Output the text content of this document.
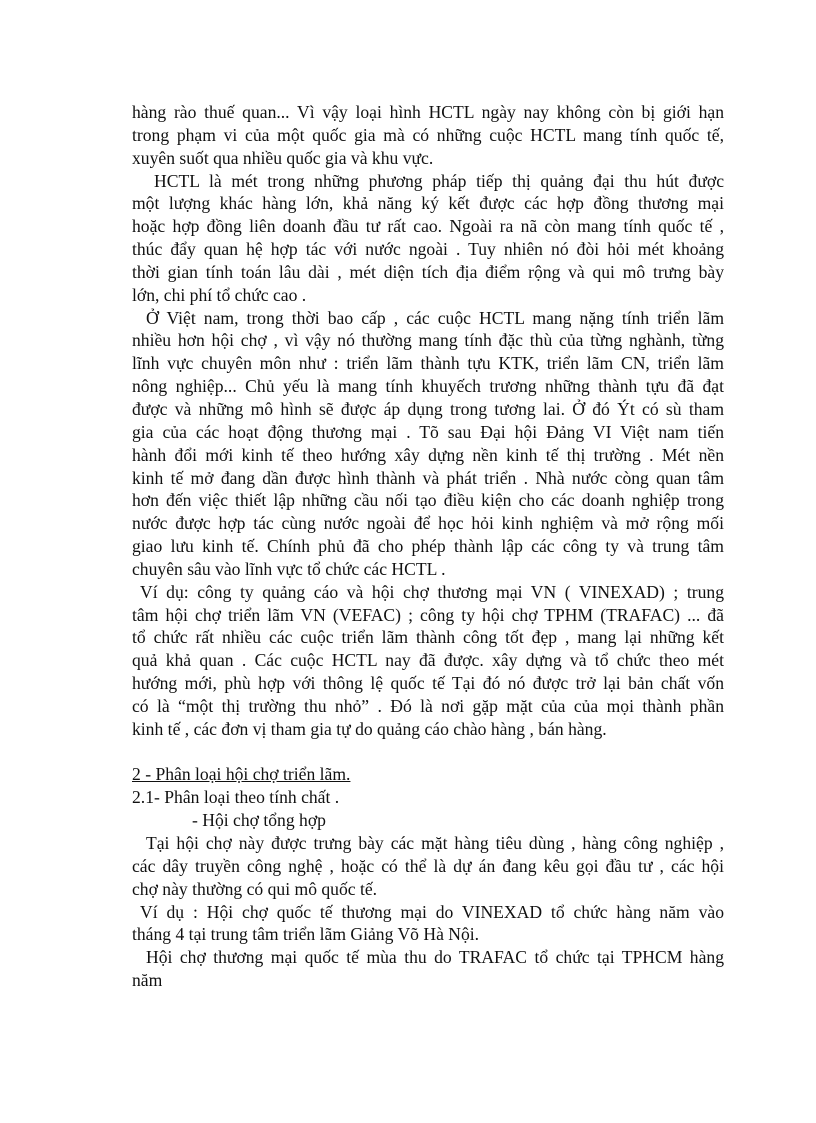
hàng rào thuế quan... Vì vậy loại hình HCTL ngày nay không còn bị giới hạn
trong phạm vi của một quốc gia mà có những cuộc HCTL mang tính quốc tế,
xuyên suốt qua nhiều quốc gia và khu vực.
HCTL là mét trong những phương pháp tiếp thị quảng đại thu hút được
một lượng khác hàng lớn, khả năng ký kết được các hợp đồng thương mại
hoặc hợp đồng liên doanh đầu tư rất cao. Ngoài ra nã còn mang tính quốc tế ,
thúc đẩy quan hệ hợp tác với nước ngoài . Tuy nhiên nó đòi hỏi mét khoảng
thời gian tính toán lâu dài , mét diện tích địa điểm rộng và qui mô trưng bày
lớn, chi phí tổ chức cao .
Ở Việt nam, trong thời bao cấp , các cuộc HCTL mang nặng tính triển lãm
nhiều hơn hội chợ , vì vậy nó thường mang tính đặc thù của từng nghành, từng
lĩnh vực chuyên môn như : triển lãm thành tựu KTK, triển lãm CN, triển lãm
nông nghiệp... Chủ yếu là mang tính khuyếch trương những thành tựu đã đạt
được và những mô hình sẽ được áp dụng trong tương lai. Ở đó Ýt có sù tham
gia của các hoạt động thương mại . Tõ sau Đại hội Đảng VI Việt nam tiến
hành đổi mới kinh tế theo hướng xây dựng nền kinh tế thị trường . Mét nền
kinh tế mở đang dần được hình thành và phát triển . Nhà nước còng quan tâm
hơn đến việc thiết lập những cầu nối tạo điều kiện cho các doanh nghiệp trong
nước được hợp tác cùng nước ngoài để học hỏi kinh nghiệm và mở rộng mối
giao lưu kinh tế. Chính phủ đã cho phép thành lập các công ty và trung tâm
chuyên sâu vào lĩnh vực tổ chức các HCTL .
Ví dụ: công ty quảng cáo và hội chợ thương mại VN ( VINEXAD) ; trung
tâm hội chợ triển lãm VN (VEFAC) ; công ty hội chợ TPHM (TRAFAC) ... đã
tổ chức rất nhiều các cuộc triển lãm thành công tốt đẹp , mang lại những kết
quả khả quan . Các cuộc HCTL nay đã được. xây dựng và tổ chức theo mét
hướng mới, phù hợp với thông lệ quốc tế Tại đó nó được trở lại bản chất vốn
có là “một thị trường thu nhỏ” . Đó là nơi gặp mặt của của mọi thành phần
kinh tế , các đơn vị tham gia tự do quảng cáo chào hàng , bán hàng.
2 - Phân loại hội chợ triển lãm.
2.1- Phân loại theo tính chất .
- Hội chợ tổng hợp
Tại hội chợ này được trưng bày các mặt hàng tiêu dùng , hàng công nghiệp ,
các dây truyền công nghệ , hoặc có thể là dự án đang kêu gọi đầu tư , các hội
chợ này thường có qui mô quốc tế.
Ví dụ : Hội chợ quốc tế thương mại do VINEXAD tổ chức hàng năm vào
tháng 4 tại trung tâm triển lãm Giảng Võ Hà Nội.
Hội chợ thương mại quốc tế mùa thu do TRAFAC tổ chức tại TPHCM hàng
năm
